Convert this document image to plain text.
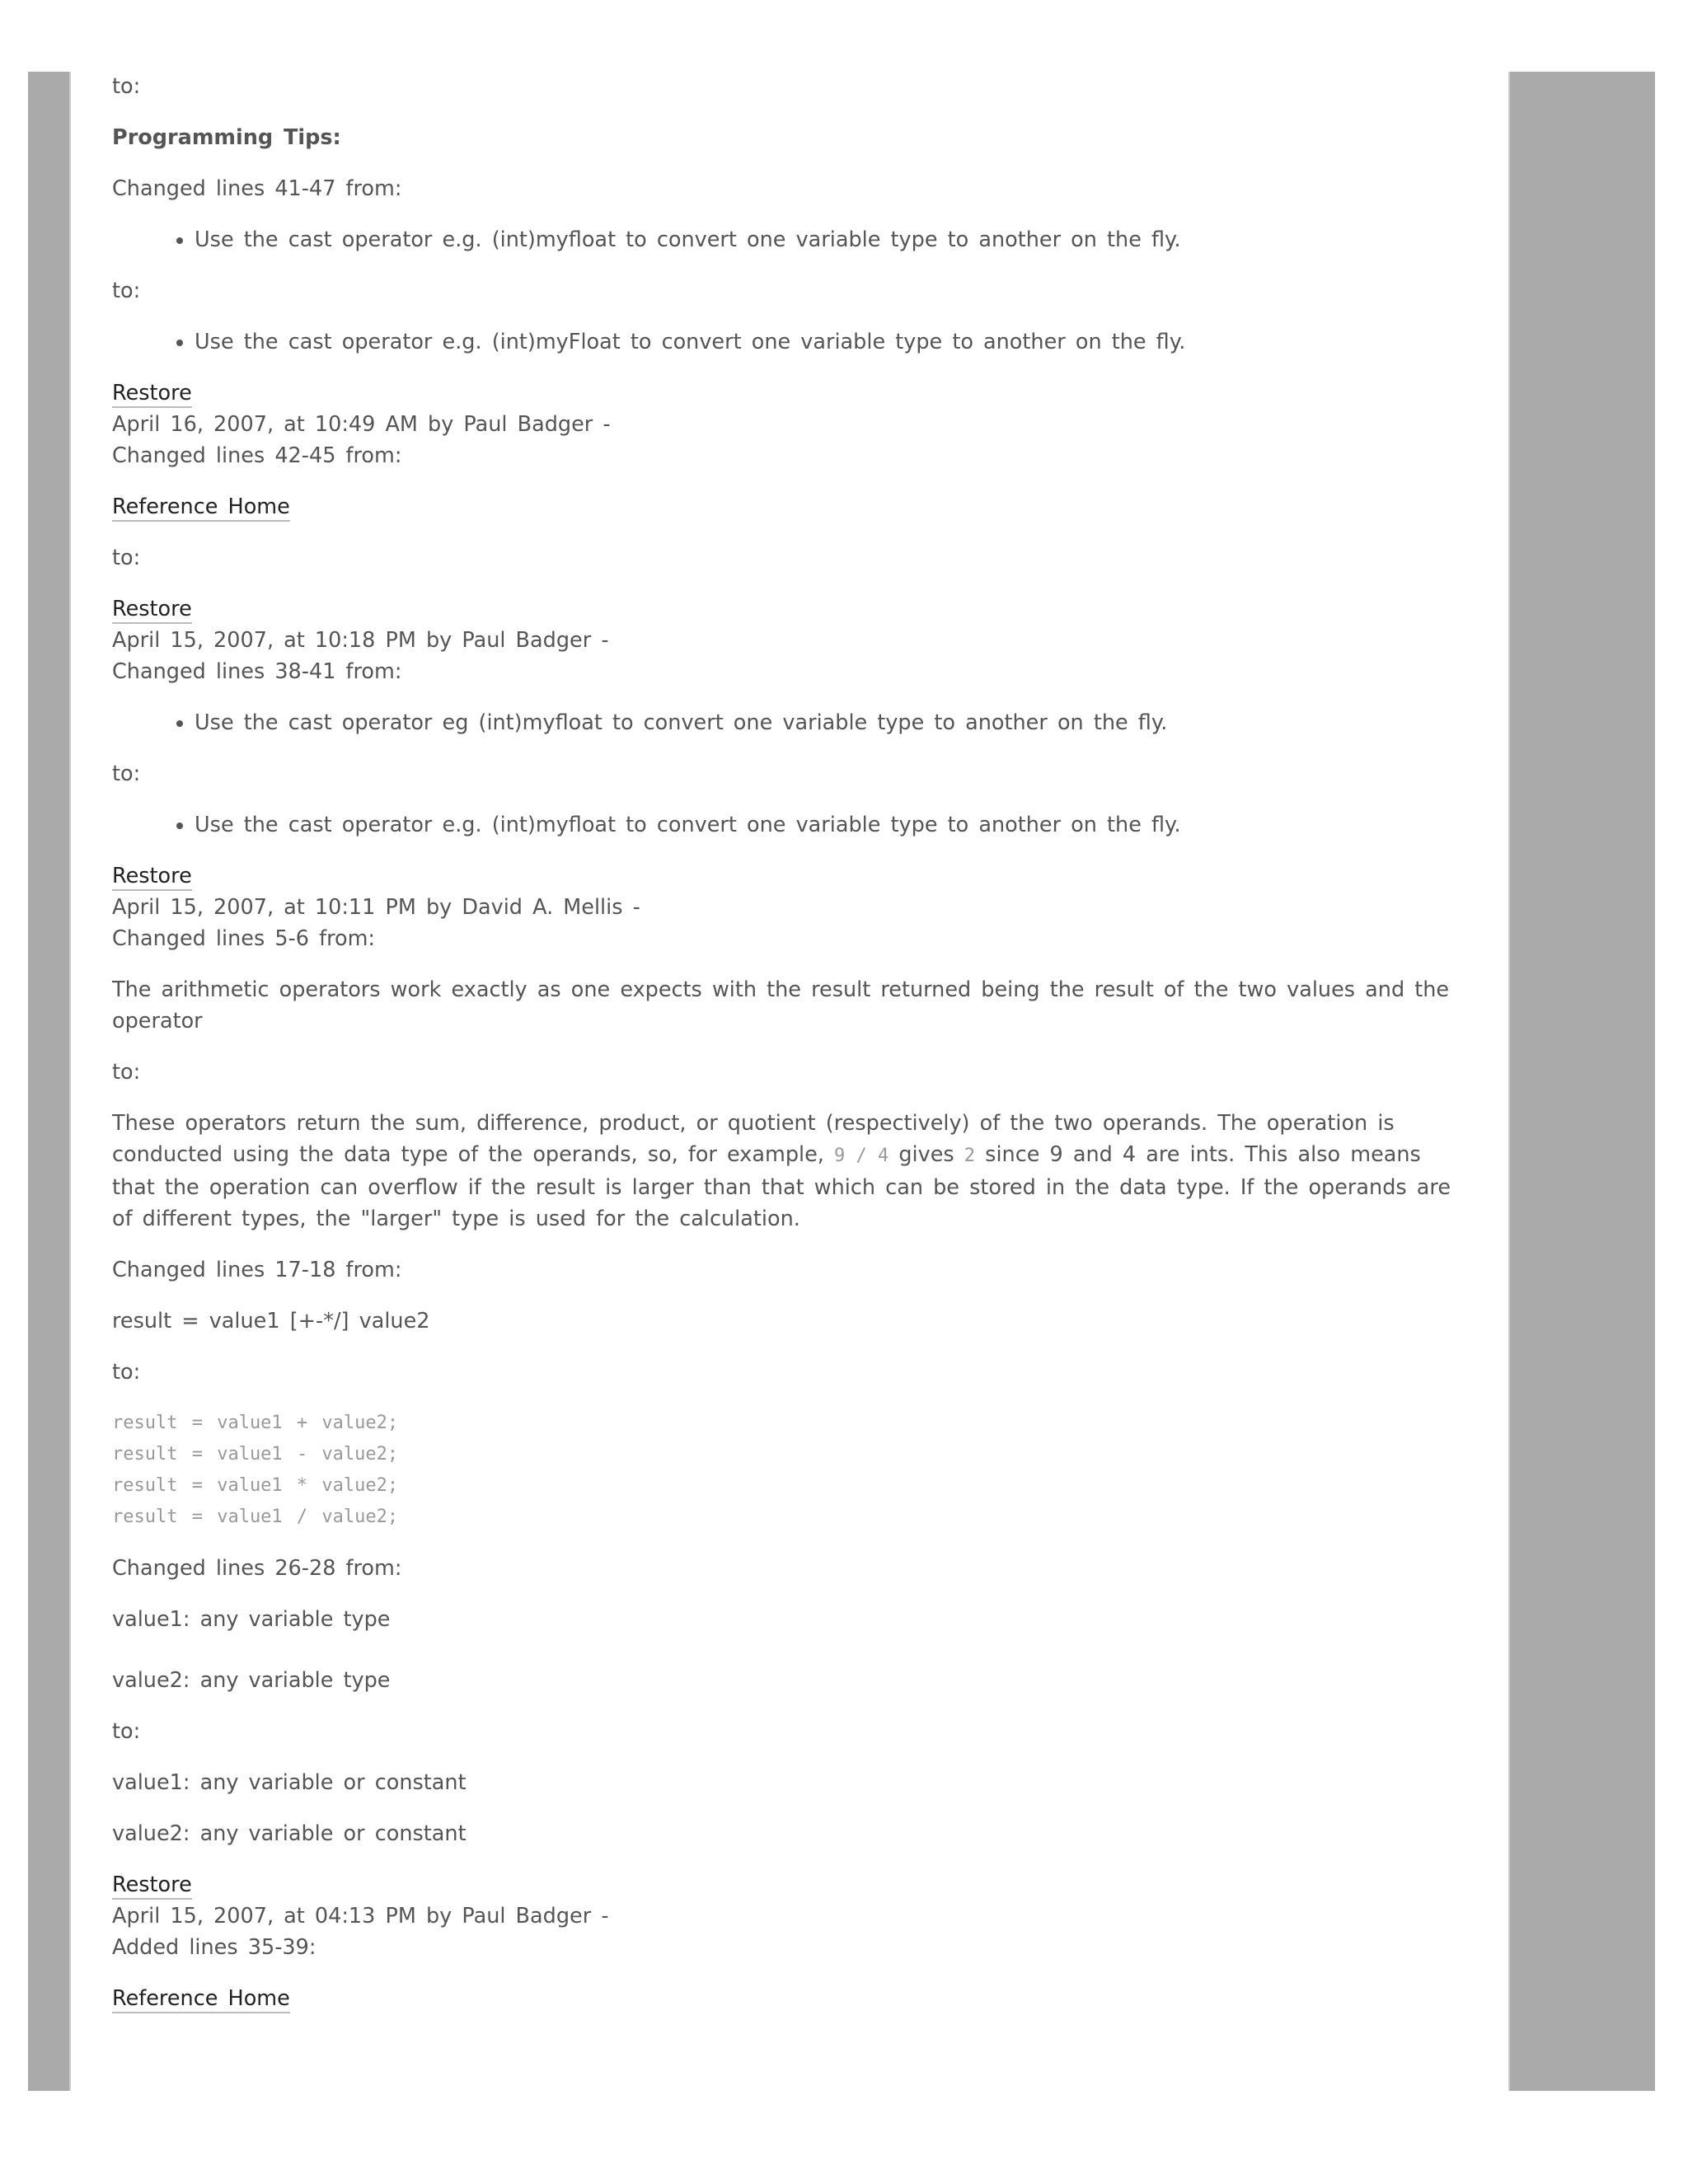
to:

Programming Tips:

Changed lines 41-47 from:

• Use the cast operator e.g. (int)myfloat to convert one variable type to another on the fly.

to:

• Use the cast operator e.g. (int)myFloat to convert one variable type to another on the fly.

Restore

April 16, 2007, at 10:49 AM by Paul Badger -

Changed lines 42-45 from:

Reference Home

to:

Restore

April 15, 2007, at 10:18 PM by Paul Badger -

Changed lines 38-41 from:

• Use the cast operator eg (int)myfloat to convert one variable type to another on the fly.

to:

• Use the cast operator e.g. (int)myfloat to convert one variable type to another on the fly.

Restore

April 15, 2007, at 10:11 PM by David A. Mellis -

Changed lines 5-6 from:

The arithmetic operators work exactly as one expects with the result returned being the result of the two values and the operator

to:

These operators return the sum, difference, product, or quotient (respectively) of the two operands. The operation is conducted using the data type of the operands, so, for example, 9 / 4 gives 2 since 9 and 4 are ints. This also means that the operation can overflow if the result is larger than that which can be stored in the data type. If the operands are of different types, the "larger" type is used for the calculation.

Changed lines 17-18 from:

result = value1 [+-*/] value2

to:

result = value1 + value2;
result = value1 - value2;
result = value1 * value2;
result = value1 / value2;

Changed lines 26-28 from:

value1: any variable type

value2: any variable type

to:

value1: any variable or constant

value2: any variable or constant

Restore

April 15, 2007, at 04:13 PM by Paul Badger -

Added lines 35-39:

Reference Home
